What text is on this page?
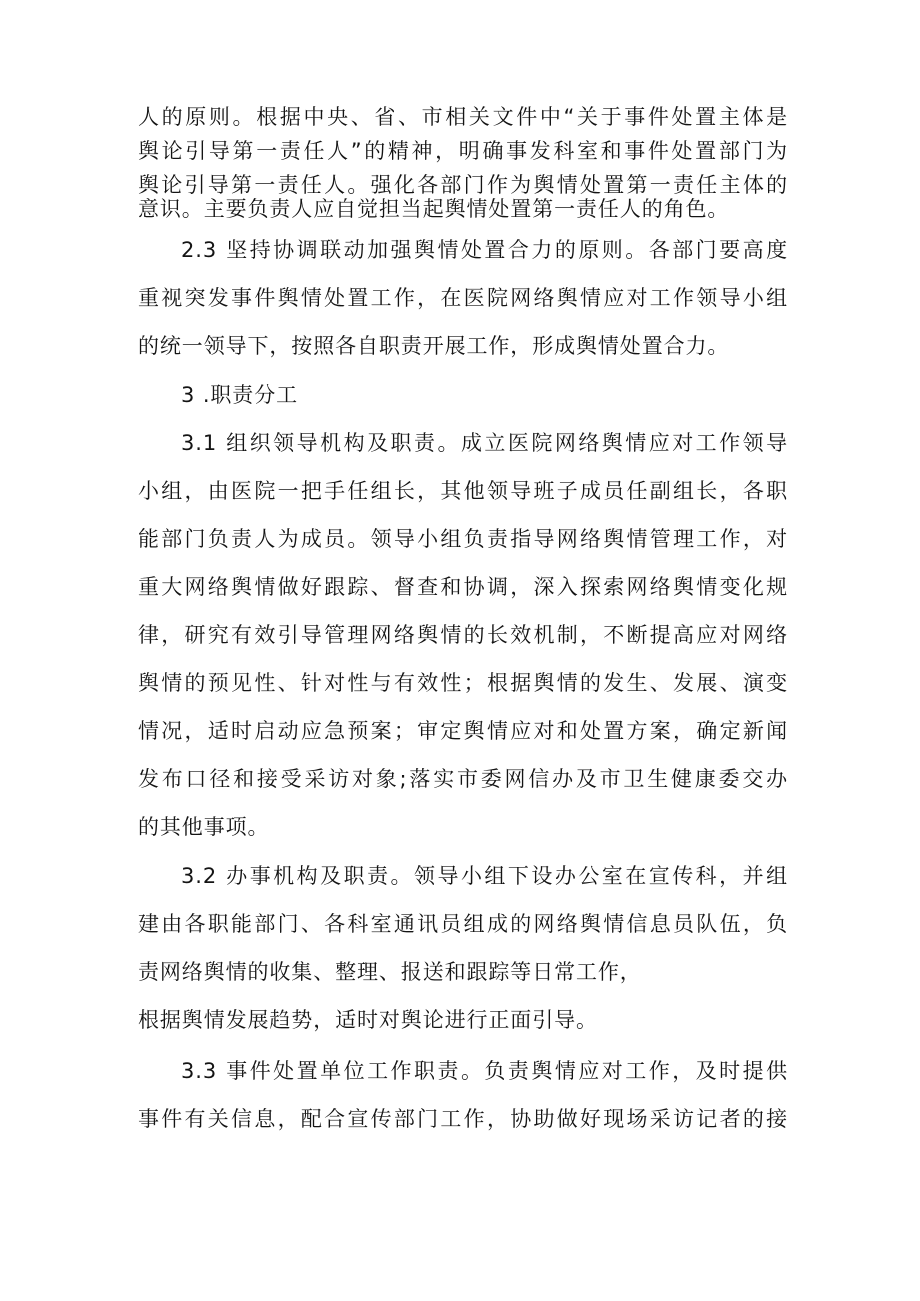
人的原则。根据中央、省、市相关文件中“关于事件处置主体是
舆论引导第一责任人”的精神，明确事发科室和事件处置部门为
舆论引导第一责任人。强化各部门作为舆情处置第一责任主体的
意识。主要负责人应自觉担当起舆情处置第一责任人的角色。
2.3 坚持协调联动加强舆情处置合力的原则。各部门要高度
重视突发事件舆情处置工作，在医院网络舆情应对工作领导小组
的统一领导下，按照各自职责开展工作，形成舆情处置合力。
3 .职责分工
3.1 组织领导机构及职责。成立医院网络舆情应对工作领导
小组，由医院一把手任组长，其他领导班子成员任副组长，各职
能部门负责人为成员。领导小组负责指导网络舆情管理工作，对
重大网络舆情做好跟踪、督查和协调，深入探索网络舆情变化规
律，研究有效引导管理网络舆情的长效机制，不断提高应对网络
舆情的预见性、针对性与有效性；根据舆情的发生、发展、演变
情况，适时启动应急预案；审定舆情应对和处置方案，确定新闻
发布口径和接受采访对象;落实市委网信办及市卫生健康委交办
的其他事项。
3.2 办事机构及职责。领导小组下设办公室在宣传科，并组
建由各职能部门、各科室通讯员组成的网络舆情信息员队伍，负
责网络舆情的收集、整理、报送和跟踪等日常工作，
根据舆情发展趋势，适时对舆论进行正面引导。
3.3 事件处置单位工作职责。负责舆情应对工作，及时提供
事件有关信息，配合宣传部门工作，协助做好现场采访记者的接
